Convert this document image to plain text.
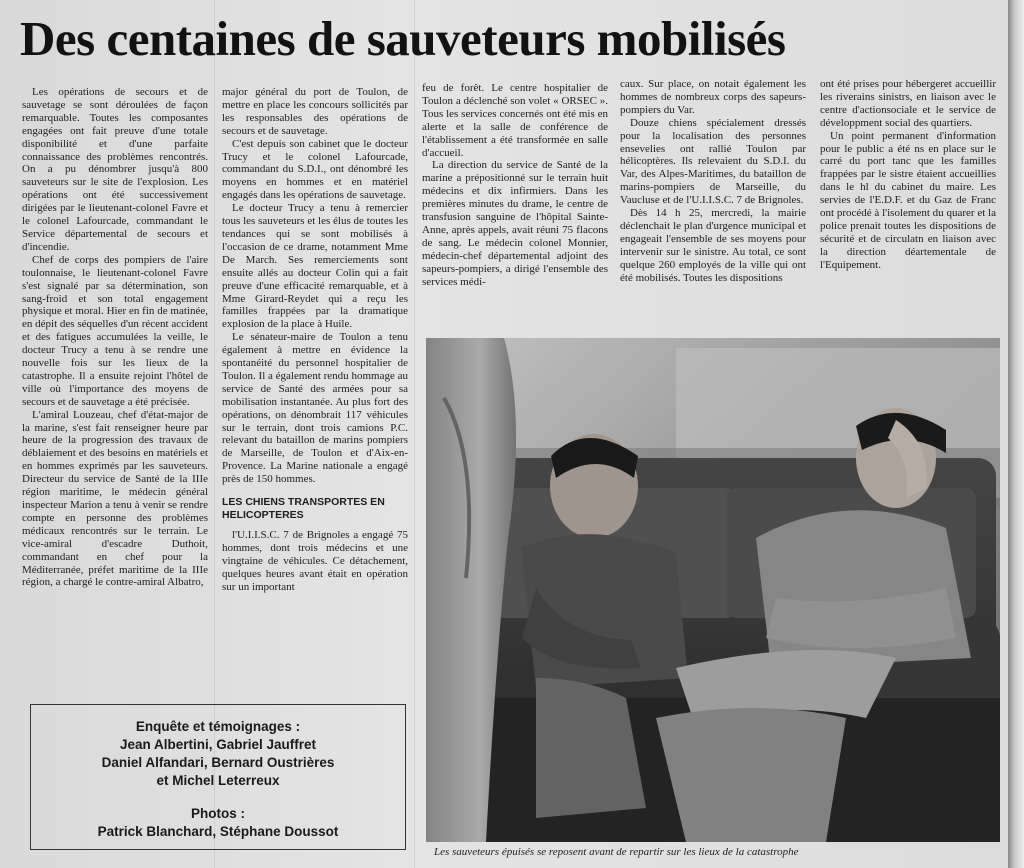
Des centaines de sauveteurs mobilisés

Les opérations de secours et de sauvetage se sont déroulées de façon remarquable. Toutes les composantes engagées ont fait preuve d'une totale disponibilité et d'une parfaite connaissance des problèmes rencontrés. On a pu dénombrer jusqu'à 800 sauveteurs sur le site de l'explosion. Les opérations ont été successivement dirigées par le lieutenant-colonel Favre et le colonel Lafourcade, commandant le Service départemental de secours et d'incendie.

Chef de corps des pompiers de l'aire toulonnaise, le lieutenant-colonel Favre s'est signalé par sa détermination, son sang-froid et son total engagement physique et moral. Hier en fin de matinée, en dépit des séquelles d'un récent accident et des fatigues accumulées la veille, le docteur Trucy a tenu à se rendre une nouvelle fois sur les lieux de la catastrophe. Il a ensuite rejoint l'hôtel de ville où l'importance des moyens de secours et de sauvetage a été précisée.

L'amiral Louzeau, chef d'état-major de la marine, s'est fait renseigner heure par heure de la progression des travaux de déblaiement et des besoins en matériels et en hommes exprimés par les sauveteurs. Directeur du service de Santé de la IIIe région maritime, le médecin général inspecteur Marion a tenu à venir se rendre compte en personne des problèmes médicaux rencontrés sur le terrain. Le vice-amiral d'escadre Duthoit, commandant en chef pour la Méditerranée, préfet maritime de la IIIe région, a chargé le contre-amiral Albatro,

major général du port de Toulon, de mettre en place les concours sollicités par les responsables des opérations de secours et de sauvetage.

C'est depuis son cabinet que le docteur Trucy et le colonel Lafourcade, commandant du S.D.I., ont dénombré les moyens en hommes et en matériel engagés dans les opérations de sauvetage.

Le docteur Trucy a tenu à remercier tous les sauveteurs et les élus de toutes les tendances qui se sont mobilisés à l'occasion de ce drame, notamment Mme De March. Ses remerciements sont ensuite allés au docteur Colin qui a fait preuve d'une efficacité remarquable, et à Mme Girard-Reydet qui a reçu les familles frappées par la dramatique explosion de la place à Huile.

Le sénateur-maire de Toulon a tenu également à mettre en évidence la spontanéité du personnel hospitalier de Toulon. Il a également rendu hommage au service de Santé des armées pour sa mobilisation instantanée. Au plus fort des opérations, on dénombrait 117 véhicules sur le terrain, dont trois camions P.C. relevant du bataillon de marins pompiers de Marseille, de Toulon et d'Aix-en-Provence. La Marine nationale a engagé près de 150 hommes.

LES CHIENS TRANSPORTES EN HELICOPTERES

l'U.I.I.S.C. 7 de Brignoles a engagé 75 hommes, dont trois médecins et une vingtaine de véhicules. Ce détachement, quelques heures avant était en opération sur un important

feu de forêt. Le centre hospitalier de Toulon a déclenché son volet « ORSEC ». Tous les services concernés ont été mis en alerte et la salle de conférence de l'établissement a été transformée en salle d'accueil.

La direction du service de Santé de la marine a prépositionné sur le terrain huit médecins et dix infirmiers. Dans les premières minutes du drame, le centre de transfusion sanguine de l'hôpital Sainte-Anne, après appels, avait réuni 75 flacons de sang. Le médecin colonel Monnier, médecin-chef départemental adjoint des sapeurs-pompiers, a dirigé l'ensemble des services médi-

caux. Sur place, on notait également les hommes de nombreux corps des sapeurs-pompiers du Var.

Douze chiens spécialement dressés pour la localisation des personnes ensevelies ont rallié Toulon par hélicoptères. Ils relevaient du S.D.I. du Var, des Alpes-Maritimes, du bataillon de marins-pompiers de Marseille, du Vaucluse et de l'U.I.I.S.C. 7 de Brignoles.

Dès 14 h 25, mercredi, la mairie déclenchait le plan d'urgence municipal et engageait l'ensemble de ses moyens pour intervenir sur le sinistre. Au total, ce sont quelque 260 employés de la ville qui ont été mobilisés. Toutes les dispositions

ont été prises pour hébergeret accueillir les riverains sinistrs, en liaison avec le centre d'actionsociale et le service de développment social des quartiers.

Un point permanent d'information pour le public a été ns en place sur le carré du port tanc que les familles frappées par le sistre étaient accueillies dans le hl du cabinet du maire. Les servies de l'E.D.F. et du Gaz de Franc ont procédé à l'isolement du quarer et la police prenait toutes les dispositions de sécurité et de circulatn en liaison avec la direction déartementale de l'Equipement.

Enquête et témoignages :
Jean Albertini, Gabriel Jauffret
Daniel Alfandari, Bernard Oustrières
et Michel Leterreux
Photos :
Patrick Blanchard, Stéphane Doussot

Les sauveteurs épuisés se reposent avant de repartir sur les lieux de la catastrophe
